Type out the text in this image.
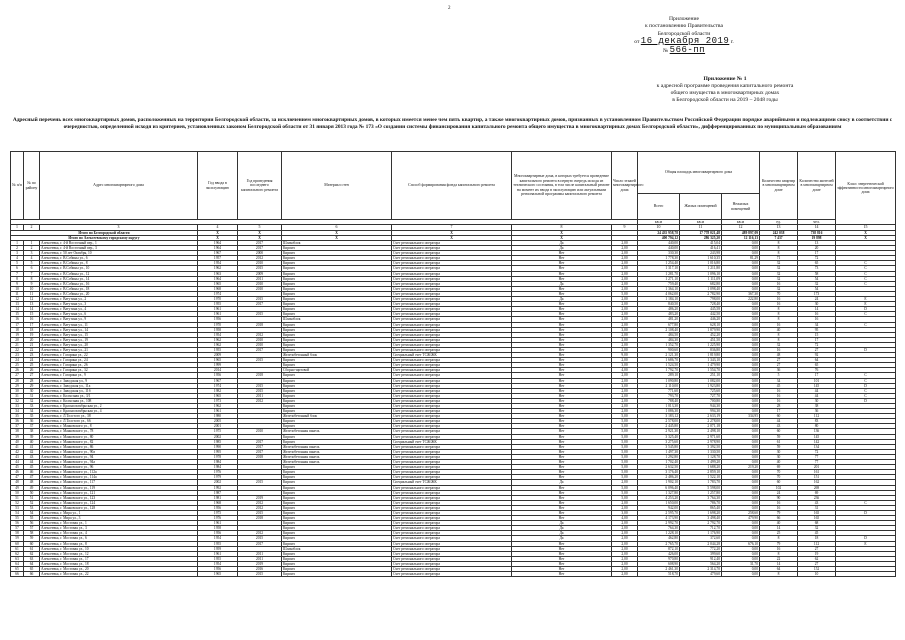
2
Приложение
к постановлению Правительства
Белгородской области
от 16 декабря 2019 г.
№ 566-пп
Приложение № 1
к адресной программе проведения капитального ремонта
общего имущества в многоквартирных домах
в Белгородской области на 2019 – 2048 годы
Адресный перечень всех многоквартирных домов, расположенных на территории Белгородской области, за исключением многоквартирных домов, в которых имеется менее чем пять квартир, а также многоквартирных домов, признанных в установленном Правительством Российской Федерации порядке аварийными и подлежащими сносу в соответствии с очередностью, определенной исходя из критериев, установленных законом Белгородской области от 31 января 2013 года № 173 «О создании системы финансирования капитального ремонта общего имущества в многоквартирных домах Белгородской области», дифференцированных по муниципальным образованиям
№ п/п	№ по району	Адрес многоквартирного дома	Год ввода в эксплуатацию	Год проведения последнего капитального ремонта	Материал стен	Способ формирования фонда капитального ремонта	Многоквартирные дома, в которых требуется проведение капитального ремонта в первую очередь исходя из технического состояния, в том числе капитальный ремонт на момент их ввода в эксплуатацию или актуальными региональной программы капитального ремонта	Число этажей многоквартирного дома	Общая площадь многоквартирного дома			Количество квартир в многоквартирном доме	Количество жителей в многоквартирном доме	Класс энергетической эффективности многоквартирного дома
									Всего	Жилых помещений	Нежилых помещений			
									кв.м	кв.м	кв.м	ед.	чел.	
1	2	3	4	5	6	7	8	9	10	11	12	13	14	15
Итого по Белгородской области			X	X	X	X	X		24 435 958,78	17 778 021,48	489 897,09	242 038	738 816	X
Итого по Алексеевскому городскому округу			X	X	X	X	X		400 794,12	286 325,20	12 116,13	7 437	19 898	X
1	1	Алексеевка, г. 4-й Восточный пер., 1	1964	2017	Шлакоблок	Счет регионального оператора	Да	2,00	440,00	415,04	0,00	8	13	
2	2	Алексеевка, г. 4-й Восточный пер., 3	1964	2017	Кирпич	Счет регионального оператора	Да	2,00	440,00	416,41	0,00	8	20	
3	3	Алексеевка, г. 50 лет Октября, 10	1967	2000	Кирпич	Счет регионального оператора	Нет	2,00	330,30	243,98	0,00	8	17	
4	4	Алексеевка, г. В.Собины ул., 6	1957	2012	Кирпич	Счет регионального оператора	Нет	2,00	1 778,30	1 610,35	81,29	71	72	
5	5	Алексеевка, г. В.Собины ул., 8	1954	2010	Кирпич	Счет регионального оператора	Нет	2,00	1 254,40	1 016,80	0,00	32	65	C
6	6	Алексеевка, г. В.Собины ул., 10	1962	2015	Кирпич	Счет регионального оператора	Нет	2,00	1 317,10	1 211,80	0,00	32	73	C
7	7	Алексеевка, г. В.Собины ул., 12	1963	2009	Кирпич	Счет регионального оператора	Нет	2,00	1 281,70	1 096,10	0,00	32	58	C
8	8	Алексеевка, г. В.Собины ул., 14	1964	2011	Кирпич	Счет регионального оператора	Нет	2,00	1 271,10	1 111,09	0,00	32	54	C
9	9	Алексеевка, г. В.Собины ул., 16	1965	2010	Кирпич	Счет регионального оператора	Да	2,00	759,40	682,80	0,00	16	32	C
10	10	Алексеевка, г. В.Собины ул., 18	1968	2010	Кирпич	Счет регионального оператора	Нет	2,00	1 364,10	1 098,40	0,00	32	54	
11	11	Алексеевка, г. В.Собины ул., 20	1974		Кирпич	Счет регионального оператора	Нет	5,00	4 062,00	2 782,90	367,30	70	173	
12	12	Алексеевка, г. Ватутина ул., 2	1970	2015	Кирпич	Счет регионального оператора	Да	2,00	1 184,10	798,00	222,80	16	24	E
13	13	Алексеевка, г. Ватутина ул., 3	1955	2017	Кирпич	Счет регионального оператора	Нет	2,00	840,50	728,40	0,00	16	30	E
14	14	Алексеевка, г. Ватутина ул., 4	1961		Кирпич	Счет регионального оператора	Нет	2,00	486,20	445,58	0,00	8	14	D
15	15	Алексеевка, г. Ватутина ул., 6	1961	2015	Кирпич	Счет регионального оператора	Нет	2,00	483,20	442,50	0,00	8	16	C
16	16	Алексеевка, г. Ватутина ул., 9	1956		Шлакоблок	Счет регионального оператора	Нет	2,00	481,20	446,20	0,00	8	16	
17	17	Алексеевка, г. Ватутина ул., 11	1970	2018	Кирпич	Счет регионального оператора	Нет	2,00	677,80	628,10	0,00	16	34	C
18	18	Алексеевка, г. Ватутина ул., 14	1958		Кирпич	Счет регионального оператора	Нет	3,00	2 108,40	1 879,90	0,00	40	95	
19	19	Алексеевка, г. Ватутина ул., 15	1954	2012	Кирпич	Счет регионального оператора	Нет	2,00	484,50	452,20	0,00	8	15	
20	20	Алексеевка, г. Ватутина ул., 19	1962	2010	Кирпич	Счет регионального оператора	Нет	2,00	484,30	451,50	0,00	8	17	
21	21	Алексеевка, г. Ватутина ул., 20	1962	2010	Кирпич	Счет регионального оператора	Нет	2,00	1 352,70	1 225,90	0,00	32	72	
22	22	Алексеевка, г. Ватутина ул., 21	1955	2017	Кирпич	Счет регионального оператора	Нет	2,00	900,60	836,80	0,00	16	27	D
23	23	Алексеевка, г. Гагарина ул., 22	2009		Железобетонный блок	Специальный счет ТСЖ/ЖК	Нет	9,00	2 121,30	1 819,80	0,00	48	92	
24	24	Алексеевка, г. Гагарина ул., 24	1965	2015	Кирпич	Счет регионального оператора	Нет	2,00	1 686,70	1 343,10	0,00	27	64	
25	25	Алексеевка, г. Гагарина ул., 26	1999		Кирпич	Счет регионального оператора	Нет	3,00	1 524,50	1 479,90	0,00	27	65	
26	26	Алексеевка, г. Гагарина ул., 32	2014		Сборно-щитовой	Счет регионального оператора	Нет	4,00	1 792,70	1 554,70	0,00	36	76	
27	27	Алексеевка, г. Гагарина ул., 9	1956	2018	Кирпич	Счет регионального оператора	Нет	2,00	289,10	251,10	0,00	5	17	C
28	28	Алексеевка, г. Заводская ул., 9	1967		Кирпич	Счет регионального оператора	Нет	2,00	1 090,80	1 082,00	0,00	34	101	C
29	29	Алексеевка, г. Заводская ул., 11а	1974	2015	Кирпич	Счет регионального оператора	Нет	3,00	2 110,00	1 923,80	0,00	45	145	D
30	30	Алексеевка, г. Заводская ул., 11б	1982	2015	Кирпич	Счет регионального оператора	Нет	2,00	771,60	725,60	0,00	16	44	C
31	31	Алексеевка, г. Колхозная ул., 3/1	1965	2011	Кирпич	Счет регионального оператора	Нет	2,00	793,70	727,70	0,00	16	44	C
32	32	Алексеевка, г. Колхозная ул., 108	1973	2012	Кирпич	Счет регионального оператора	Нет	2,00	788,40	700,80	0,00	16	30	D
33	33	Алексеевка, г. Краснооктябрьская ул., 2	1962		Кирпич	Счет регионального оператора	Нет	2,00	1 013,30	944,30	0,00	28	38	
34	34	Алексеевка, г. Краснооктябрьская ул., 4	1961		Кирпич	Счет регионального оператора	Нет	2,00	1 086,30	994,30	0,00	17	36	
35	35	Алексеевка, г. Л.Толстого ул., 38	1980		Железобетонный блок	Счет регионального оператора	Нет	5,00	3 183,12	2 633,19	334,95	60	112	
36	36	Алексеевка, г. Л.Толстого ул., 66	2005		Кирпич	Счет регионального оператора	Нет	5,00	2 578,00	2 278,00	0,00	44	83	
37	37	Алексеевка, г. Маяковского ул., 8	2001		Кирпич	Счет регионального оператора	Нет	5,00	2 445,80	2 071,18	0,00	43	80	
38	38	Алексеевка, г. Маяковского ул., 78	1975	2010	Железобетонная панель	Счет регионального оператора	Нет	5,00	2 921,30	2 498,10	0,00	60	136	
39	39	Алексеевка, г. Маяковского ул., 80	2002		Кирпич	Счет регионального оператора	Нет	5,00	3 325,40	2 971,60	0,00	59	145	
40	40	Алексеевка, г. Маяковского ул., 82	1985	2017	Кирпич	Специальный счет ТСЖ/ЖК	Нет	5,00	3 275,60	2 978,90	0,00	61	142	
41	41	Алексеевка, г. Маяковского ул., 86	1990	2017	Железобетонная панель	Счет регионального оператора	Нет	5,00	3 545,80	3 392,50	0,00	59	134	
42	42	Алексеевка, г. Маяковского ул., 90а	1995	2017	Железобетонная панель	Счет регионального оператора	Нет	5,00	1 497,30	1 330,50	0,00	30	72	
43	43	Алексеевка, г. Маяковского ул., 94	1978	2018	Железобетонная панель	Счет регионального оператора	Нет	5,00	1 292,80	1 128,70	0,00	30	77	
44	44	Алексеевка, г. Маяковского ул., 94а	1984		Железобетонная панель	Счет регионального оператора	Нет	5,00	1 702,40	1 499,20	0,00	40	77	
45	45	Алексеевка, г. Маяковского ул., 96	1984		Кирпич	Счет регионального оператора	Нет	5,00	2 632,50	1 688,20	219,20	69	201	
46	46	Алексеевка, г. Маяковского ул., 112а	1976		Кирпич	Счет регионального оператора	Нет	5,00	3 176,40	2 859,10	0,00	70	161	
47	47	Алексеевка, г. Маяковского ул., 114а	1979		Кирпич	Счет регионального оператора	Нет	5,00	2 486,20	1 522,10	0,00	70	151	
48	48	Алексеевка, г. Маяковского ул., 117	2002	2015	Кирпич	Специальный счет ТСЖ/ЖК	Да	2,00	1 902,10	1 783,70	0,00	60	162	
49	49	Алексеевка, г. Маяковского ул., 119	1992		Кирпич	Счет регионального оператора	Нет	5,00	6 096,40	5 598,00	0,00	102	269	
50	50	Алексеевка, г. Маяковского ул., 121	1987		Кирпич	Счет регионального оператора	Нет	5,00	1 327,80	1 257,80	0,00	24	69	
51	51	Алексеевка, г. Маяковского ул., 123	1981	2019	Кирпич	Счет регионального оператора	Нет	5,00	4 253,20	3 764,30	0,00	90	236	
52	52	Алексеевка, г. Маяковского ул., 124	1968	2012	Кирпич	Счет регионального оператора	Нет	2,00	1 650,00	786,70	0,00	16	43	C
53	53	Алексеевка, г. Маяковского ул., 128	1956	2012	Кирпич	Счет регионального оператора	Нет	2,00	942,00	865,40	0,00	16	31	
54	54	Алексеевка, г. Мира ул., 1	1975	2015	Кирпич	Счет регионального оператора	Нет	3,00	2 595,70	1 698,20	258,60	79	165	D
55	55	Алексеевка, г. Мира ул., 3	1976	2018	Кирпич	Счет регионального оператора	Нет	4,00	4 173,90	3 498,40	479,90	66	165	
56	56	Алексеевка, г. Мостовая ул., 1	1961		Кирпич	Счет регионального оператора	Да	2,00	2 992,70	2 792,70	0,00	40	68	
57	57	Алексеевка, г. Мостовая ул., 3	1958		Кирпич	Счет регионального оператора	Да	2,00	764,30	712,70	0,00	14	32	
58	58	Алексеевка, г. Мостовая ул., 4	1956	2012	Кирпич	Счет регионального оператора	Да	2,00	1 228,10	1 176,90	0,00	25	45	
59	59	Алексеевка, г. Мостовая ул., 6	1954	2015	Кирпич	Счет регионального оператора	Да	2,00	462,80	372,60	0,00	8	18	D
60	60	Алексеевка, г. Мостовая ул., 8	1955	2017	Кирпич	Счет регионального оператора	Нет	2,00	2 765,70	2 044,28	676,10	79	112	E
61	61	Алексеевка, г. Мостовая ул., 10	1959		Шлакоблок	Счет регионального оператора	Нет	2,00	872,10	772,20	0,00	16	27	
62	62	Алексеевка, г. Мостовая ул., 12	1961	2011	Кирпич	Счет регионального оператора	Нет	2,00	426,00	399,60	0,00	8	19	
63	63	Алексеевка, г. Мостовая ул., 17	1955	2011	Кирпич	Счет регионального оператора	Нет	2,00	970,80	912,40	0,00	22	62	
64	64	Алексеевка, г. Мостовая ул., 18	1954	2019	Кирпич	Счет регионального оператора	Нет	2,00	608,90	564,20	31,70	14	27	
65	65	Алексеевка, г. Мостовая ул., 20	1956	2016	Кирпич	Счет регионального оператора	Нет	2,00	2 461,30	2 314,70	0,00	64	152	
66	66	Алексеевка, г. Мостовая ул., 22	1965	2015	Кирпич	Счет регионального оператора	Нет	2,00	518,70	479,60	0,00	8	10	
